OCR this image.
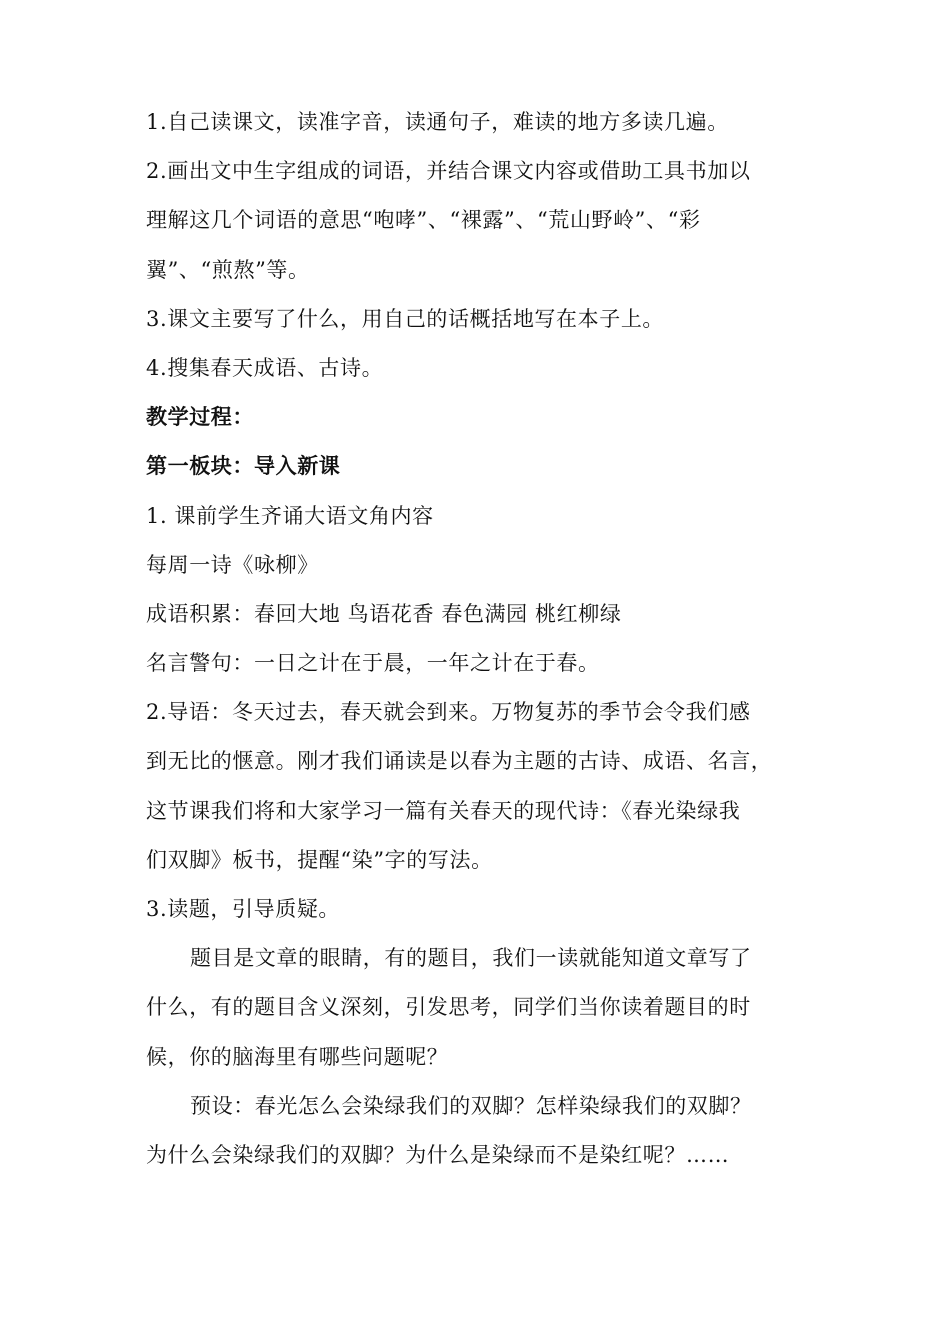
1.自己读课文，读准字音，读通句子，难读的地方多读几遍。
2.画出文中生字组成的词语，并结合课文内容或借助工具书加以
理解这几个词语的意思“咆哮”、“裸露”、“荒山野岭”、“彩
翼”、“煎熬”等。
3.课文主要写了什么，用自己的话概括地写在本子上。
4.搜集春天成语、古诗。
教学过程：
第一板块：导入新课
1. 课前学生齐诵大语文角内容
每周一诗《咏柳》
成语积累：春回大地 鸟语花香 春色满园 桃红柳绿
名言警句：一日之计在于晨，一年之计在于春。
2.导语：冬天过去，春天就会到来。万物复苏的季节会令我们感
到无比的惬意。刚才我们诵读是以春为主题的古诗、成语、名言，
这节课我们将和大家学习一篇有关春天的现代诗：《春光染绿我
们双脚》板书，提醒“染”字的写法。
3.读题，引导质疑。
题目是文章的眼睛，有的题目，我们一读就能知道文章写了
什么，有的题目含义深刻，引发思考，同学们当你读着题目的时
候，你的脑海里有哪些问题呢？
预设：春光怎么会染绿我们的双脚？怎样染绿我们的双脚？
为什么会染绿我们的双脚？为什么是染绿而不是染红呢？……
